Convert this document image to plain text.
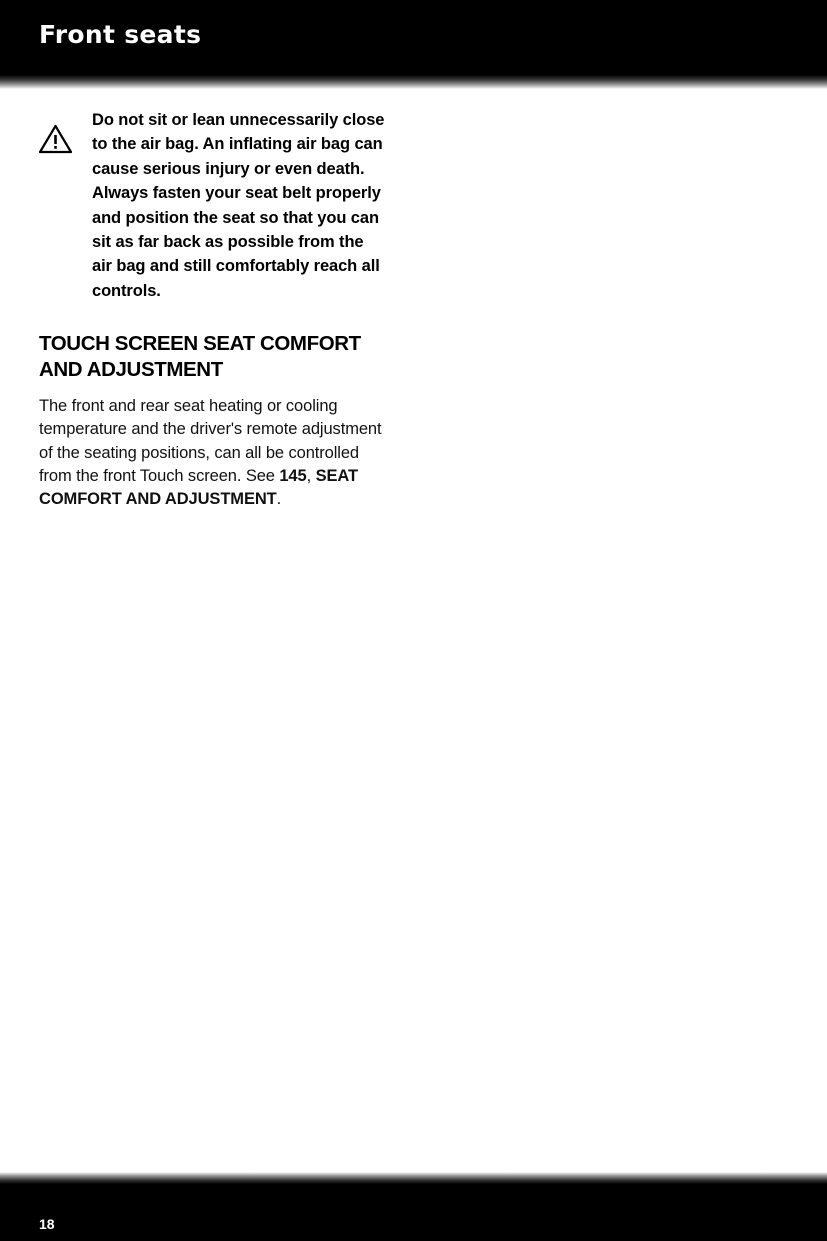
Front seats
Do not sit or lean unnecessarily close to the air bag. An inflating air bag can cause serious injury or even death. Always fasten your seat belt properly and position the seat so that you can sit as far back as possible from the air bag and still comfortably reach all controls.
TOUCH SCREEN SEAT COMFORT AND ADJUSTMENT

The front and rear seat heating or cooling temperature and the driver's remote adjustment of the seating positions, can all be controlled from the front Touch screen. See 145, SEAT COMFORT AND ADJUSTMENT.

18
